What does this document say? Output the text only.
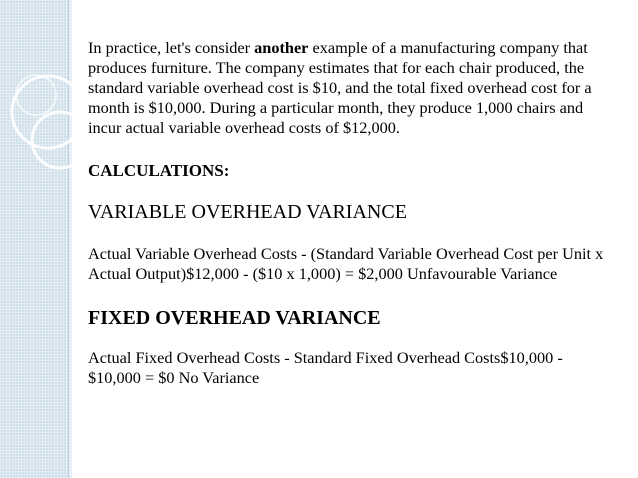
In practice, let's consider another example of a manufacturing company that produces furniture. The company estimates that for each chair produced, the standard variable overhead cost is $10, and the total fixed overhead cost for a month is $10,000. During a particular month, they produce 1,000 chairs and incur actual variable overhead costs of $12,000.

CALCULATIONS:

VARIABLE OVERHEAD VARIANCE

Actual Variable Overhead Costs - (Standard Variable Overhead Cost per Unit x Actual Output)$12,000 - ($10 x 1,000) = $2,000 Unfavourable Variance

FIXED OVERHEAD VARIANCE

Actual Fixed Overhead Costs - Standard Fixed Overhead Costs$10,000 - $10,000 = $0 No Variance
